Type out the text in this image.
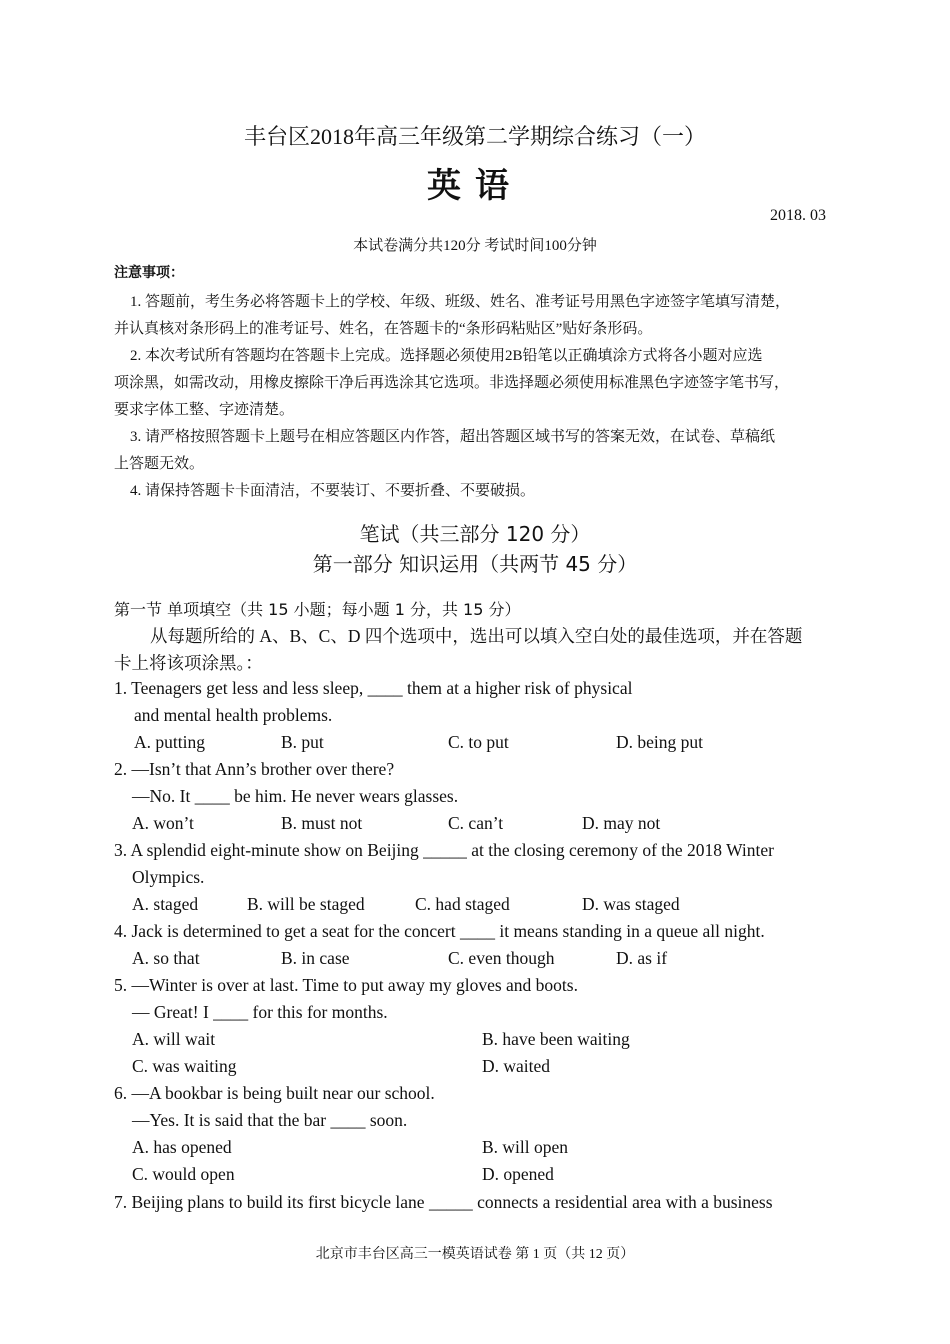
丰台区2018年高三年级第二学期综合练习（一）
英语
2018. 03
本试卷满分共120分 考试时间100分钟
注意事项：
1. 答题前，考生务必将答题卡上的学校、年级、班级、姓名、准考证号用黑色字迹签字笔填写清楚，
并认真核对条形码上的准考证号、姓名，在答题卡的“条形码粘贴区”贴好条形码。
2. 本次考试所有答题均在答题卡上完成。选择题必须使用2B铅笔以正确填涂方式将各小题对应选
项涂黑，如需改动，用橡皮擦除干净后再选涂其它选项。非选择题必须使用标准黑色字迹签字笔书写，
要求字体工整、字迹清楚。
3. 请严格按照答题卡上题号在相应答题区内作答，超出答题区域书写的答案无效，在试卷、草稿纸
上答题无效。
4. 请保持答题卡卡面清洁，不要装订、不要折叠、不要破损。
笔试（共三部分 120 分）
第一部分 知识运用（共两节 45 分）
第一节 单项填空（共 15 小题；每小题 1 分，共 15 分）
从每题所给的 A、B、C、D 四个选项中，选出可以填入空白处的最佳选项，并在答题
卡上将该项涂黑。：
1. Teenagers get less and less sleep, ____ them at a higher risk of physical
and mental health problems.
A. putting	B. put	C. to put	D. being put
2. —Isn’t that Ann’s brother over there?
—No. It ____ be him. He never wears glasses.
A. won’t	B. must not	C. can’t	D. may not
3. A splendid eight-minute show on Beijing _____ at the closing ceremony of the 2018 Winter
Olympics.
A. staged	B. will be staged	C. had staged	D. was staged
4. Jack is determined to get a seat for the concert ____ it means standing in a queue all night.
A. so that	B. in case	C. even though	D. as if
5. —Winter is over at last. Time to put away my gloves and boots.
— Great! I ____ for this for months.
A. will wait	B. have been waiting
C. was waiting	D. waited
6. —A bookbar is being built near our school.
—Yes. It is said that the bar ____ soon.
A. has opened	B. will open
C. would open	D. opened
7. Beijing plans to build its first bicycle lane _____ connects a residential area with a business
北京市丰台区高三一模英语试卷 第 1 页（共 12 页）
